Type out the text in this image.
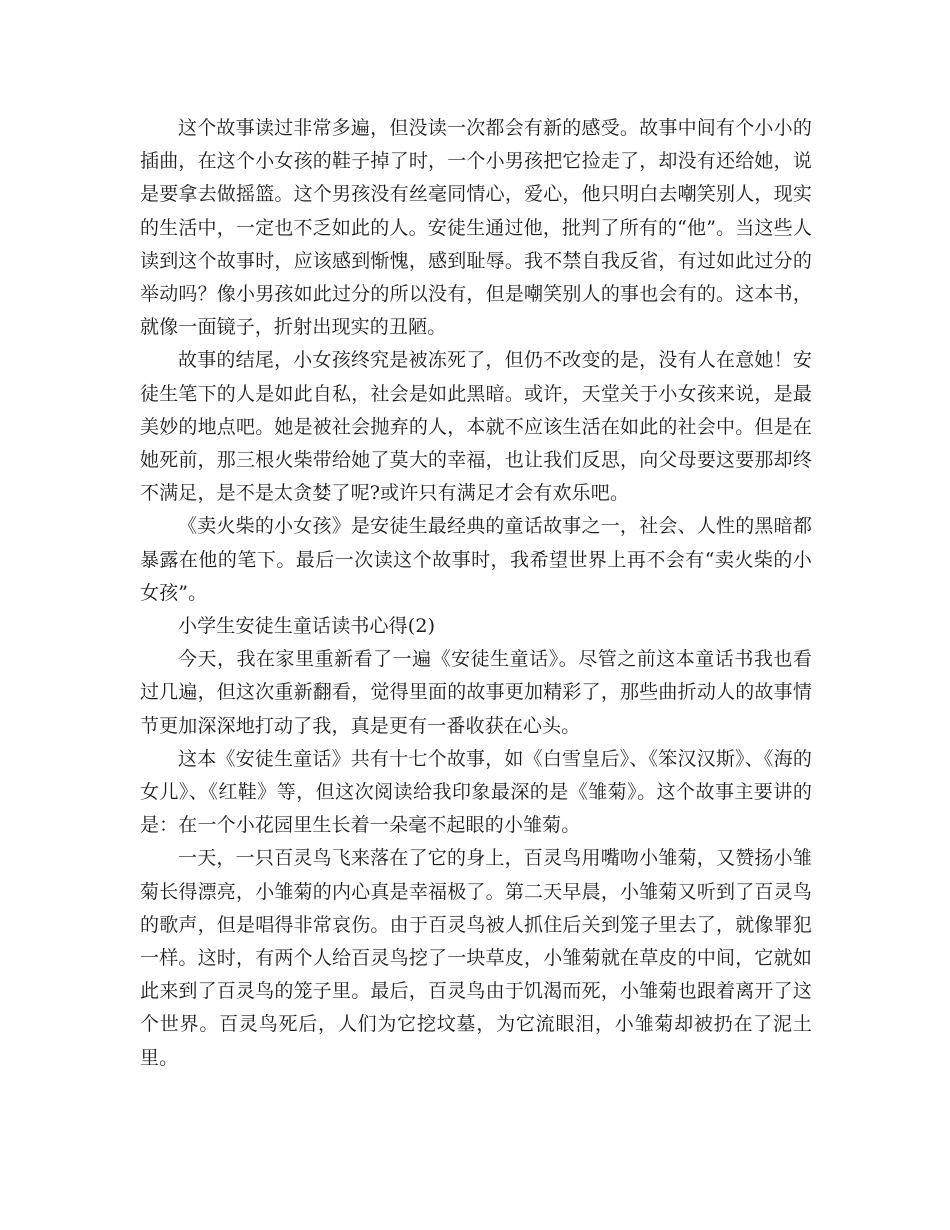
这个故事读过非常多遍，但没读一次都会有新的感受。故事中间有个小小的插曲，在这个小女孩的鞋子掉了时，一个小男孩把它捡走了，却没有还给她，说是要拿去做摇篮。这个男孩没有丝毫同情心，爱心，他只明白去嘲笑别人，现实的生活中，一定也不乏如此的人。安徒生通过他，批判了所有的“他”。当这些人读到这个故事时，应该感到惭愧，感到耻辱。我不禁自我反省，有过如此过分的举动吗？像小男孩如此过分的所以没有，但是嘲笑别人的事也会有的。这本书，就像一面镜子，折射出现实的丑陋。

故事的结尾，小女孩终究是被冻死了，但仍不改变的是，没有人在意她！安徒生笔下的人是如此自私，社会是如此黑暗。或许，天堂关于小女孩来说，是最美妙的地点吧。她是被社会抛弃的人，本就不应该生活在如此的社会中。但是在她死前，那三根火柴带给她了莫大的幸福，也让我们反思，向父母要这要那却终不满足，是不是太贪婪了呢?或许只有满足才会有欢乐吧。

《卖火柴的小女孩》是安徒生最经典的童话故事之一，社会、人性的黑暗都暴露在他的笔下。最后一次读这个故事时，我希望世界上再不会有“卖火柴的小女孩”。

小学生安徒生童话读书心得(2)

今天，我在家里重新看了一遍《安徒生童话》。尽管之前这本童话书我也看过几遍，但这次重新翻看，觉得里面的故事更加精彩了，那些曲折动人的故事情节更加深深地打动了我，真是更有一番收获在心头。

这本《安徒生童话》共有十七个故事，如《白雪皇后》、《笨汉汉斯》、《海的女儿》、《红鞋》等，但这次阅读给我印象最深的是《雏菊》。这个故事主要讲的是：在一个小花园里生长着一朵毫不起眼的小雏菊。

一天，一只百灵鸟飞来落在了它的身上，百灵鸟用嘴吻小雏菊，又赞扬小雏菊长得漂亮，小雏菊的内心真是幸福极了。第二天早晨，小雏菊又听到了百灵鸟的歌声，但是唱得非常哀伤。由于百灵鸟被人抓住后关到笼子里去了，就像罪犯一样。这时，有两个人给百灵鸟挖了一块草皮，小雏菊就在草皮的中间，它就如此来到了百灵鸟的笼子里。最后，百灵鸟由于饥渴而死，小雏菊也跟着离开了这个世界。百灵鸟死后，人们为它挖坟墓，为它流眼泪，小雏菊却被扔在了泥土里。
